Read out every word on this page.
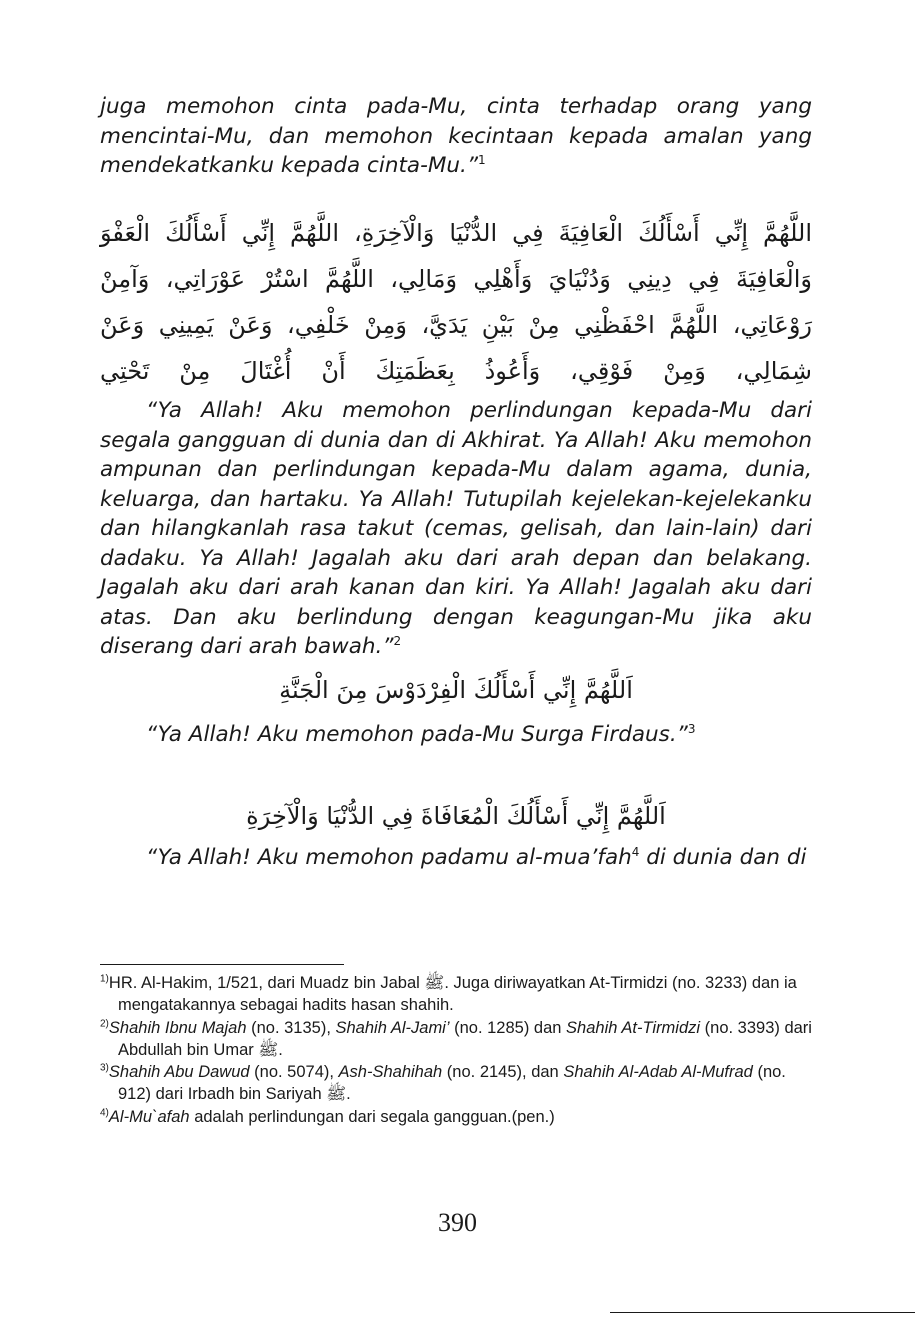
juga memohon cinta pada-Mu, cinta terhadap orang yang mencintai-Mu, dan memohon kecintaan kepada amalan yang mendekatkanku kepada cinta-Mu.”$^1$

اللَّهُمَّ إِنِّي أَسْأَلُكَ الْعَافِيَةَ فِي الدُّنْيَا وَالْآخِرَةِ، اللَّهُمَّ إِنِّي أَسْأَلُكَ الْعَفْوَ وَالْعَافِيَةَ فِي دِينِي وَدُنْيَايَ وَأَهْلِي وَمَالِي، اللَّهُمَّ اسْتُرْ عَوْرَاتِي، وَآمِنْ رَوْعَاتِي، اللَّهُمَّ احْفَظْنِي مِنْ بَيْنِ يَدَيَّ، وَمِنْ خَلْفِي، وَعَنْ يَمِينِي وَعَنْ شِمَالِي، وَمِنْ فَوْقِي، وَأَعُوذُ بِعَظَمَتِكَ أَنْ أُغْتَالَ مِنْ تَحْتِي

“Ya Allah! Aku memohon perlindungan kepada-Mu dari segala gangguan di dunia dan di Akhirat. Ya Allah! Aku memohon ampunan dan perlindungan kepada-Mu dalam agama, dunia, keluarga, dan hartaku. Ya Allah! Tutupilah kejelekan-kejelekanku dan hilangkanlah rasa takut (cemas, gelisah, dan lain-lain) dari dadaku. Ya Allah! Jagalah aku dari arah depan dan belakang. Jagalah aku dari arah kanan dan kiri. Ya Allah! Jagalah aku dari atas. Dan aku berlindung dengan keagungan-Mu jika aku diserang dari arah bawah.”$^2$

اَللَّهُمَّ إِنِّي أَسْأَلُكَ الْفِرْدَوْسَ مِنَ الْجَنَّةِ

“Ya Allah! Aku memohon pada-Mu Surga Firdaus.”$^3$

اَللَّهُمَّ إِنِّي أَسْأَلُكَ الْمُعَافَاةَ فِي الدُّنْيَا وَالْآخِرَةِ

“Ya Allah! Aku memohon padamu al-mua’fah$^4$ di dunia dan di

$^{1)}$HR. Al-Hakim, 1/521, dari Muadz bin Jabal ﷺ. Juga diriwayatkan At-Tirmidzi (no. 3233) dan ia mengatakannya sebagai hadits hasan shahih.

$^{2)}$Shahih Ibnu Majah (no. 3135), Shahih Al-Jami’ (no. 1285) dan Shahih At-Tirmidzi (no. 3393) dari Abdullah bin Umar ﷺ.

$^{3)}$Shahih Abu Dawud (no. 5074), Ash-Shahihah (no. 2145), dan Shahih Al-Adab Al-Mufrad (no. 912) dari Irbadh bin Sariyah ﷺ.

$^{4)}$Al-Mu`afah adalah perlindungan dari segala gangguan.(pen.)

390
